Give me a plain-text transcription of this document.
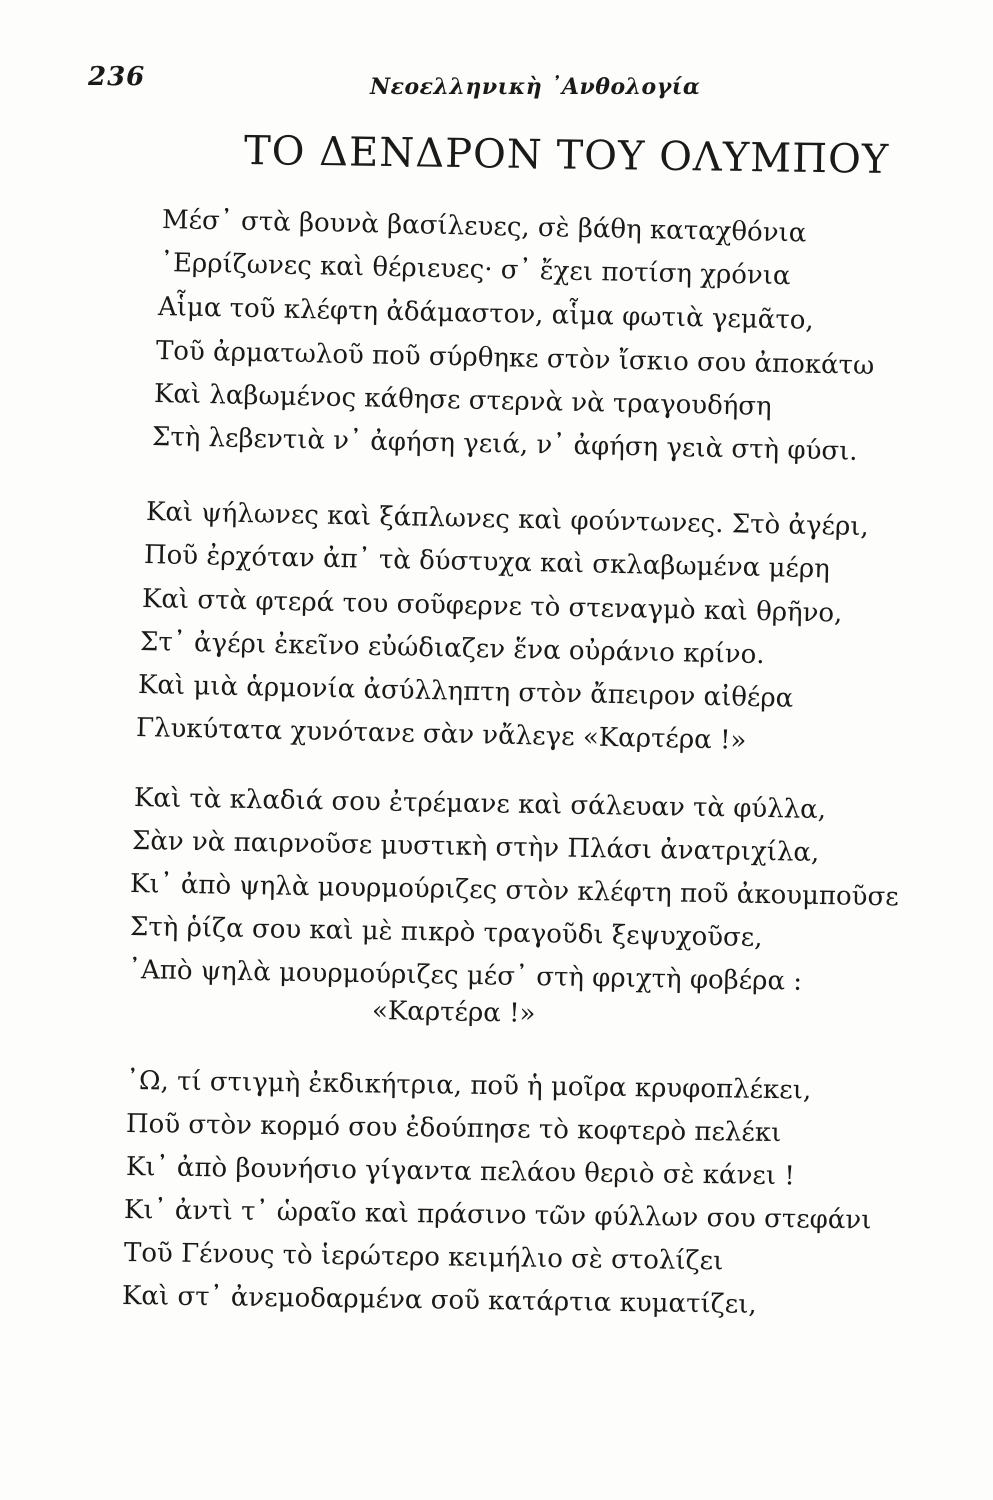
236	Νεοελληνικὴ ᾿Ανθολογία
ΤΟ ΔΕΝΔΡΟΝ ΤΟΥ ΟΛΥΜΠΟΥ
Μέσ᾿ στὰ βουνὰ βασίλευες, σὲ βάθη καταχθόνια
᾿Ερρίζωνες καὶ θέριευες· σ᾿ ἔχει ποτίση χρόνια
Αἷμα τοῦ κλέφτη ἀδάμαστον, αἷμα φωτιὰ γεμᾶτο,
Τοῦ ἀρματωλοῦ ποῦ σύρθηκε στὸν ἴσκιο σου ἀποκάτω
Καὶ λαβωμένος κάθησε στερνὰ νὰ τραγουδήση
Στὴ λεβεντιὰ ν᾿ ἀφήση γειά, ν᾿ ἀφήση γειὰ στὴ φύσι.
Καὶ ψήλωνες καὶ ξάπλωνες καὶ φούντωνες. Στὸ ἀγέρι,
Ποῦ ἐρχόταν ἀπ᾿ τὰ δύστυχα καὶ σκλαβωμένα μέρη
Καὶ στὰ φτερά του σοῦφερνε τὸ στεναγμὸ καὶ θρῆνο,
Στ᾿ ἀγέρι ἐκεῖνο εὐώδιαζεν ἕνα οὐράνιο κρίνο.
Καὶ μιὰ ἁρμονία ἀσύλληπτη στὸν ἄπειρον αἰθέρα
Γλυκύτατα χυνότανε σὰν νἄλεγε «Καρτέρα !»
Καὶ τὰ κλαδιά σου ἐτρέμανε καὶ σάλευαν τὰ φύλλα,
Σὰν νὰ παιρνοῦσε μυστικὴ στὴν Πλάσι ἀνατριχίλα,
Κι᾿ ἀπὸ ψηλὰ μουρμούριζες στὸν κλέφτη ποῦ ἀκουμποῦσε
Στὴ ῥίζα σου καὶ μὲ πικρὸ τραγοῦδι ξεψυχοῦσε,
᾿Απὸ ψηλὰ μουρμούριζες μέσ᾿ στὴ φριχτὴ φοβέρα :
«Καρτέρα !»
᾿Ω, τί στιγμὴ ἐκδικήτρια, ποῦ ἡ μοῖρα κρυφοπλέκει,
Ποῦ στὸν κορμό σου ἐδούπησε τὸ κοφτερὸ πελέκι
Κι᾿ ἀπὸ βουνήσιο γίγαντα πελάου θεριὸ σὲ κάνει !
Κι᾿ ἀντὶ τ᾿ ὡραῖο καὶ πράσινο τῶν φύλλων σου στεφάνι
Τοῦ Γένους τὸ ἱερώτερο κειμήλιο σὲ στολίζει
Καὶ στ᾿ ἀνεμοδαρμένα σοῦ κατάρτια κυματίζει,
